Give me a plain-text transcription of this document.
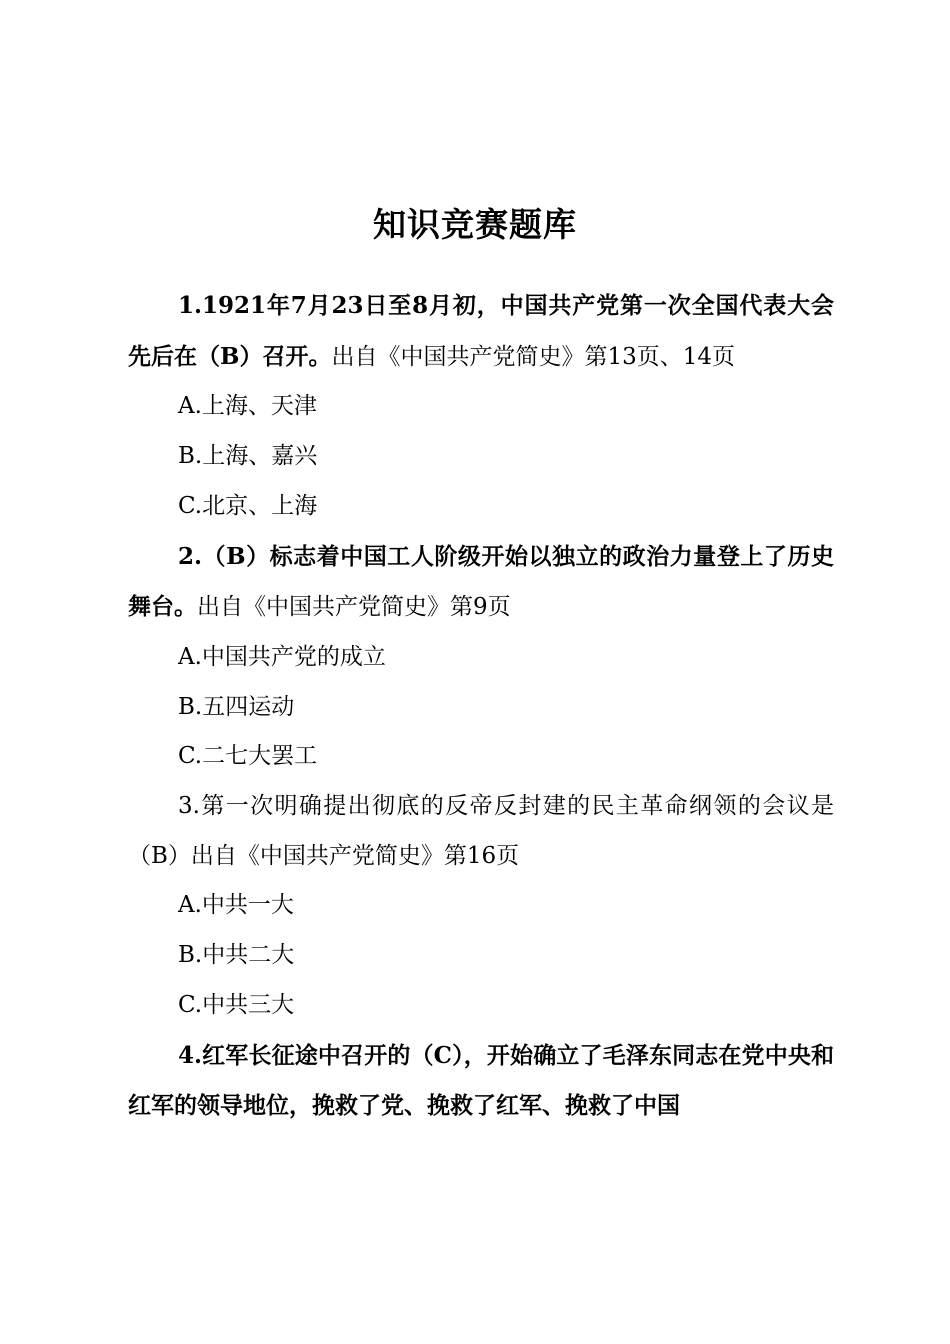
知识竞赛题库

1.1921年7月23日至8月初，中国共产党第一次全国代表大会先后在（B）召开。出自《中国共产党简史》第13页、14页

A.上海、天津

B.上海、嘉兴

C.北京、上海

2.（B）标志着中国工人阶级开始以独立的政治力量登上了历史舞台。出自《中国共产党简史》第9页

A.中国共产党的成立

B.五四运动

C.二七大罢工

3.第一次明确提出彻底的反帝反封建的民主革命纲领的会议是（B）出自《中国共产党简史》第16页

A.中共一大

B.中共二大

C.中共三大

4.红军长征途中召开的（C），开始确立了毛泽东同志在党中央和红军的领导地位，挽救了党、挽救了红军、挽救了中国
